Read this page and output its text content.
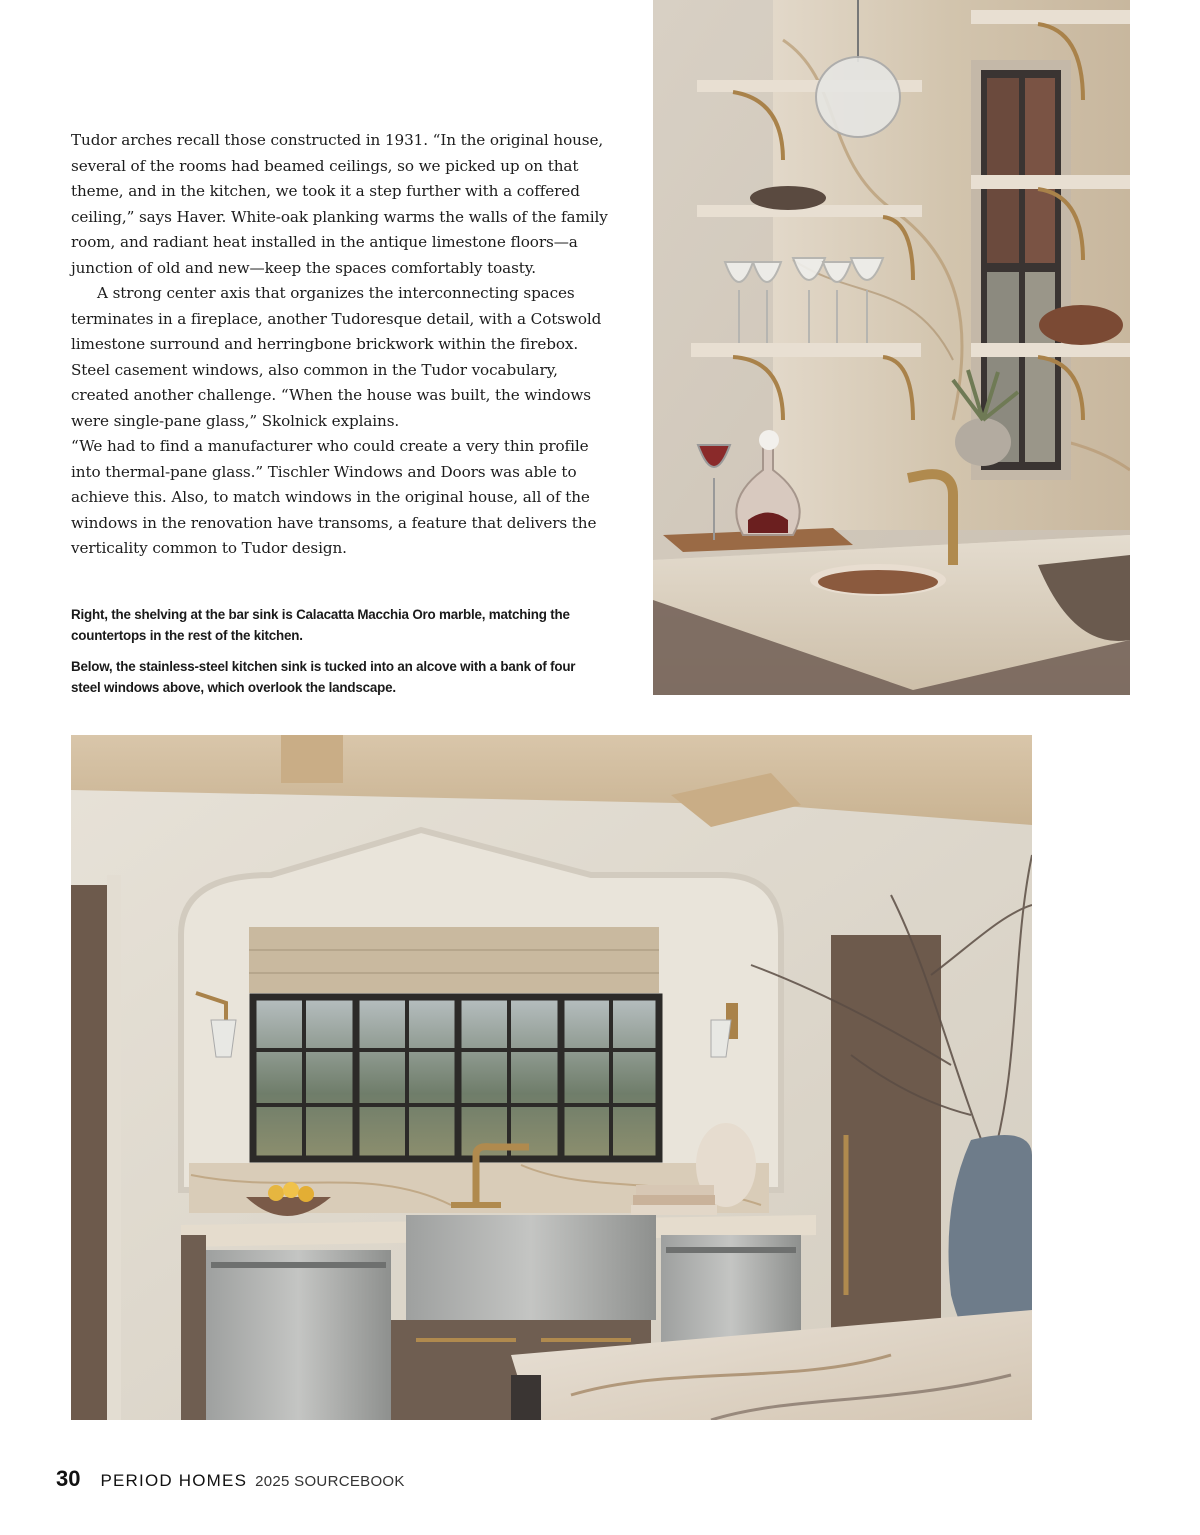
Tudor arches recall those constructed in 1931. “In the original house, several of the rooms had beamed ceilings, so we picked up on that theme, and in the kitchen, we took it a step further with a coffered ceiling,” says Haver. White-oak planking warms the walls of the family room, and radiant heat installed in the antique limestone floors—a junction of old and new—keep the spaces comfortably toasty.

A strong center axis that organizes the interconnecting spaces terminates in a fireplace, another Tudoresque detail, with a Cotswold limestone surround and herringbone brickwork within the firebox. Steel casement windows, also common in the Tudor vocabulary, created another challenge. “When the house was built, the windows were single-pane glass,” Skolnick explains.

“We had to find a manufacturer who could create a very thin profile into thermal-pane glass.” Tischler Windows and Doors was able to achieve this. Also, to match windows in the original house, all of the windows in the renovation have transoms, a feature that delivers the verticality common to Tudor design.

Right, the shelving at the bar sink is Calacatta Macchia Oro marble, matching the countertops in the rest of the kitchen.
Below, the stainless-steel kitchen sink is tucked into an alcove with a bank of four steel windows above, which overlook the landscape.
30 PERIOD HOMES 2025 SOURCEBOOK
